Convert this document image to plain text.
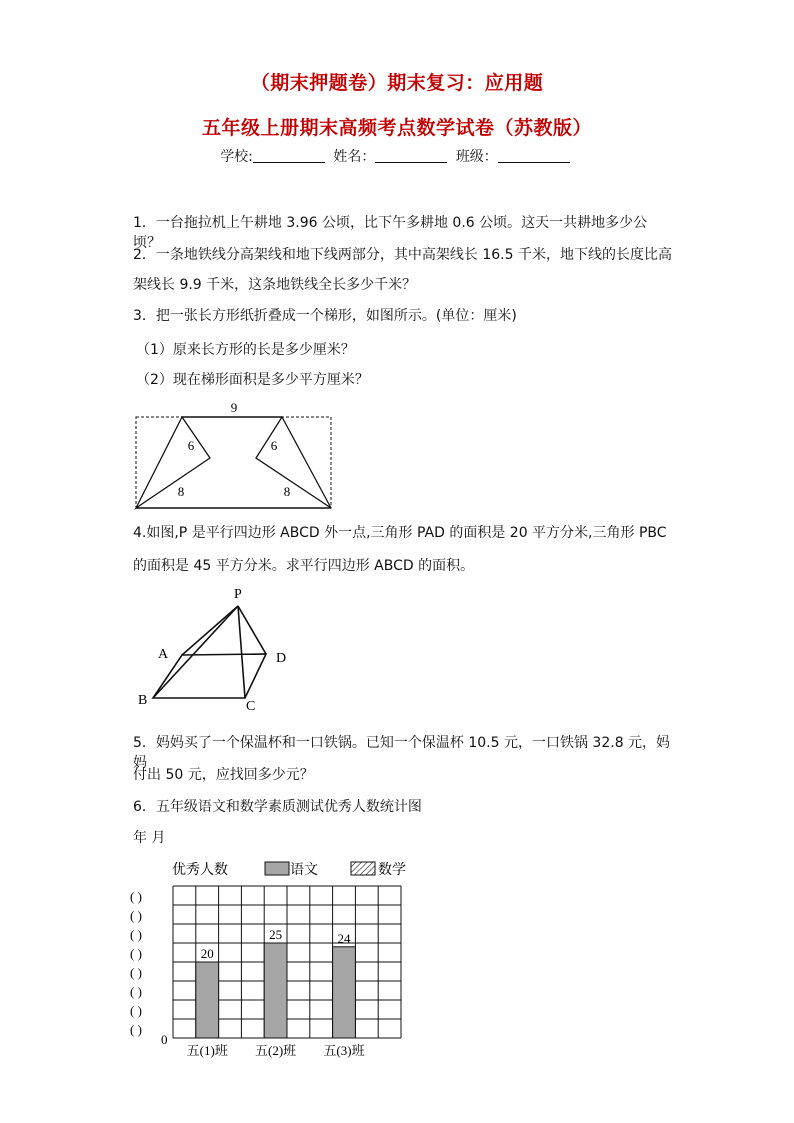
（期末押题卷）期末复习：应用题
五年级上册期末高频考点数学试卷（苏教版）
学校:	姓名：	班级：
1．一台拖拉机上午耕地 3.96 公顷，比下午多耕地 0.6 公顷。这天一共耕地多少公顷？
2．一条地铁线分高架线和地下线两部分，其中高架线长 16.5 千米，地下线的长度比高
架线长 9.9 千米，这条地铁线全长多少千米？
3．把一张长方形纸折叠成一个梯形，如图所示。(单位：厘米)
（1）原来长方形的长是多少厘米？
（2）现在梯形面积是多少平方厘米？
9
6
8
6
8
4.如图,P 是平行四边形 ABCD 外一点,三角形 PAD 的面积是 20 平方分米,三角形 PBC
的面积是 45 平方分米。求平行四边形 ABCD 的面积。
P
A
B	C
D
5．妈妈买了一个保温杯和一口铁锅。已知一个保温杯 10.5 元，一口铁锅 32.8 元，妈妈
付出 50 元，应找回多少元？
6．五年级语文和数学素质测试优秀人数统计图
年 月
( )
( )
( )
( )
( )
( )
( )
( )
0
20
五(1)班
25
五(2)班
24
五(3)班
优秀人数	语文	数学
